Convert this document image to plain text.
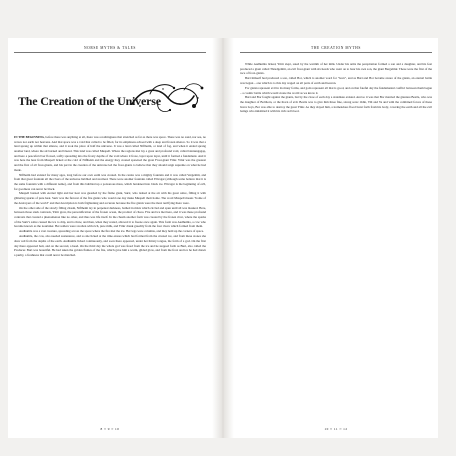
NORSE MYTHS & TALES
The Creation of the Universe

IN THE BEGINNING, before there was anything at all, there was a nothingness that stretched as far as there was space. There was no sand, nor sea, no waves nor earth nor heavens. And that space was a void that called to be filled, for its emptiness echoed with a deep and frozen silence. So it was that a land sprang up within that silence, and it took the place of half the universe. It was a land called Niflheim, or land of fog, and when it ended sprang another land, where the air burned and blazed. This land was called Muspell. Where the regions met lay a great and profound void, called Ginnungagap, and here a peaceful river flowed, softly spreading into the frosty depths of the void where it froze, layer upon layer, until it formed a fundament. And it was here the heat from Muspell licked at the cold of Niflheim and the energy they created spawned the great Frost-giant Ymir. Ymir was the greatest and the first of all frost-giants, and his part in the creation of the universe led the frost-giants to believe that they should reign supreme on what he had made.

Niflheim had existed for many ages, long before our own earth was created. In the centre was a mighty fountain and it was called Vergelmir, and from that great fountain all the rivers of the universe bubbled and stormed. There were another fountain called Elivagar (although some believe that it is the same fountain with a different name), and from this bubbled up a poisonous mass, which hardened into black ice. Elivagar is the beginning of evil, for goodness can never be black.

Muspell burned with eternal light and her heat was guarded by the flame giant, Surtr, who lashed at the air with his great sabre, filling it with glittering sparks of pure heat. Surtr was the fiercest of the fire giants who would one day make Muspell their home. The word Muspell means "home of the destroyers of the world" and that description is both frightening and accurate because the fire giants were the most terrifying there were.

On the other side of the slowly filling chasm, Niflheim lay in perpetual darkness, bathed in mists which circled and spun until all was masked. Here, between those stark contrasts, Ymir grew, the personification of the frozen ocean, the product of chaos. Fire and ice met here, and it was these profound contrasts that created a phenomenon like no other, and thus was life itself. In the chasm another form was created by the frozen river, where the sparks of the Surtr's sabre caused the ice to drip, and to thaw, and then, when they rested, allowed it to freeze once again. This form was Audhumla, a cow who became known as the nourisher. Her udders were swollen with rich, pure milk, and Ymir drank greedily from the four rivers which formed from them.

Audhumla was a vast creature, spreading across the space where the fire met the ice. Her legs were columns, and they held up the corners of space.

Audhumla, the cow, also needed sustenance, and so she licked at the rime-stones which had formed from the crusted ice, and from these stones she drew salt from the depths of the earth. Audhumla licked continuously, and soon there appeared, under her thirsty tongue, the form of a god. On the first day there appeared hair, and on the second, a head. On the third day the whole god was freed from the ice and he stepped forth as Buri, also called the Producer. Buri was beautiful. He had taken the golden flames of the fire, which gave him a warm, gilded glow, and from the frost and ice he had drawn a purity, a freshness that could never be matched.

8 ≈ 9 ≈ 10
THE CREATION MYTHS

While Audhumla licked, Ymir slept, sated by the warmth of her milk. Under his arms the perspiration formed a son and a daughter, and his feet produced a giant called Thrudgelmir, an evil frost-giant with six heads who went on to bear his own son, the giant Bergelmir. These were the first of the race of frost-giants.

Buri himself had produced a son, called Bor, which is another word for "born", and as Buri and Bor became aware of the giants, an eternal battle was begun – one which is to this day waged on all parts of earth and heaven.

For giants represent evil in its many forms, and gods represent all that is good, and on that fateful day the fundamental conflict between them began – a cosmic battle which would create the world as we know it.

Buri and Bor fought against the giants, but by the close of each day a stalemate existed. And so it was that Bor married the giantess Bestla, who was the daughter of Bolthorn, or the thorn of evil. Bestla was to give him three fine, strong sons: Odin, Vili and Ve and with the combined forces of these brave boys, Bor was able to destroy the great Ymir. As they slayed him, a tremendous flood burst forth from his body, covering the earth and all the evil beings who inhabited it with his rich red blood.

10 ≈ 11 ≈ 12
